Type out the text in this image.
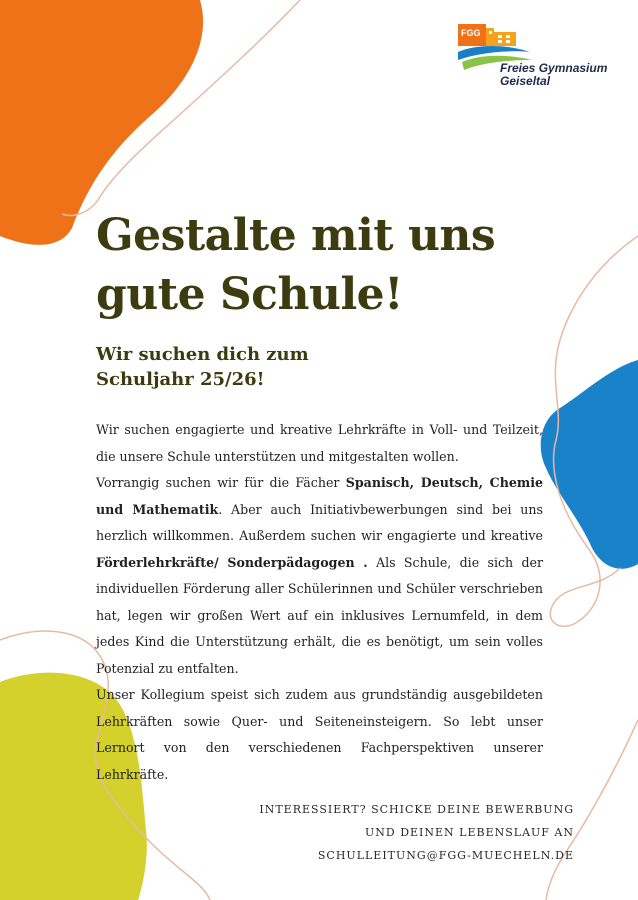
FGG
Freies Gymnasium
Geiseltal
Gestalte mit uns
gute Schule!
Wir suchen dich zum
Schuljahr 25/26!

Wir suchen engagierte und kreative Lehrkräfte in Voll- und Teilzeit, die unsere Schule unterstützen und mitgestalten wollen.

Vorrangig suchen wir für die Fächer Spanisch, Deutsch, Chemie und Mathematik. Aber auch Initiativbewerbungen sind bei uns herzlich willkommen. Außerdem suchen wir engagierte und kreative Förderlehrkräfte/ Sonderpädagogen . Als Schule, die sich der individuellen Förderung aller Schülerinnen und Schüler verschrieben hat, legen wir großen Wert auf ein inklusives Lernumfeld, in dem jedes Kind die Unterstützung erhält, die es benötigt, um sein volles Potenzial zu entfalten.

Unser Kollegium speist sich zudem aus grundständig ausgebildeten Lehrkräften sowie Quer- und Seiteneinsteigern. So lebt unser Lernort von den verschiedenen Fachperspektiven unserer Lehrkräfte.

INTERESSIERT? SCHICKE DEINE BEWERBUNG
UND DEINEN LEBENSLAUF AN
SCHULLEITUNG@FGG-MUECHELN.DE
